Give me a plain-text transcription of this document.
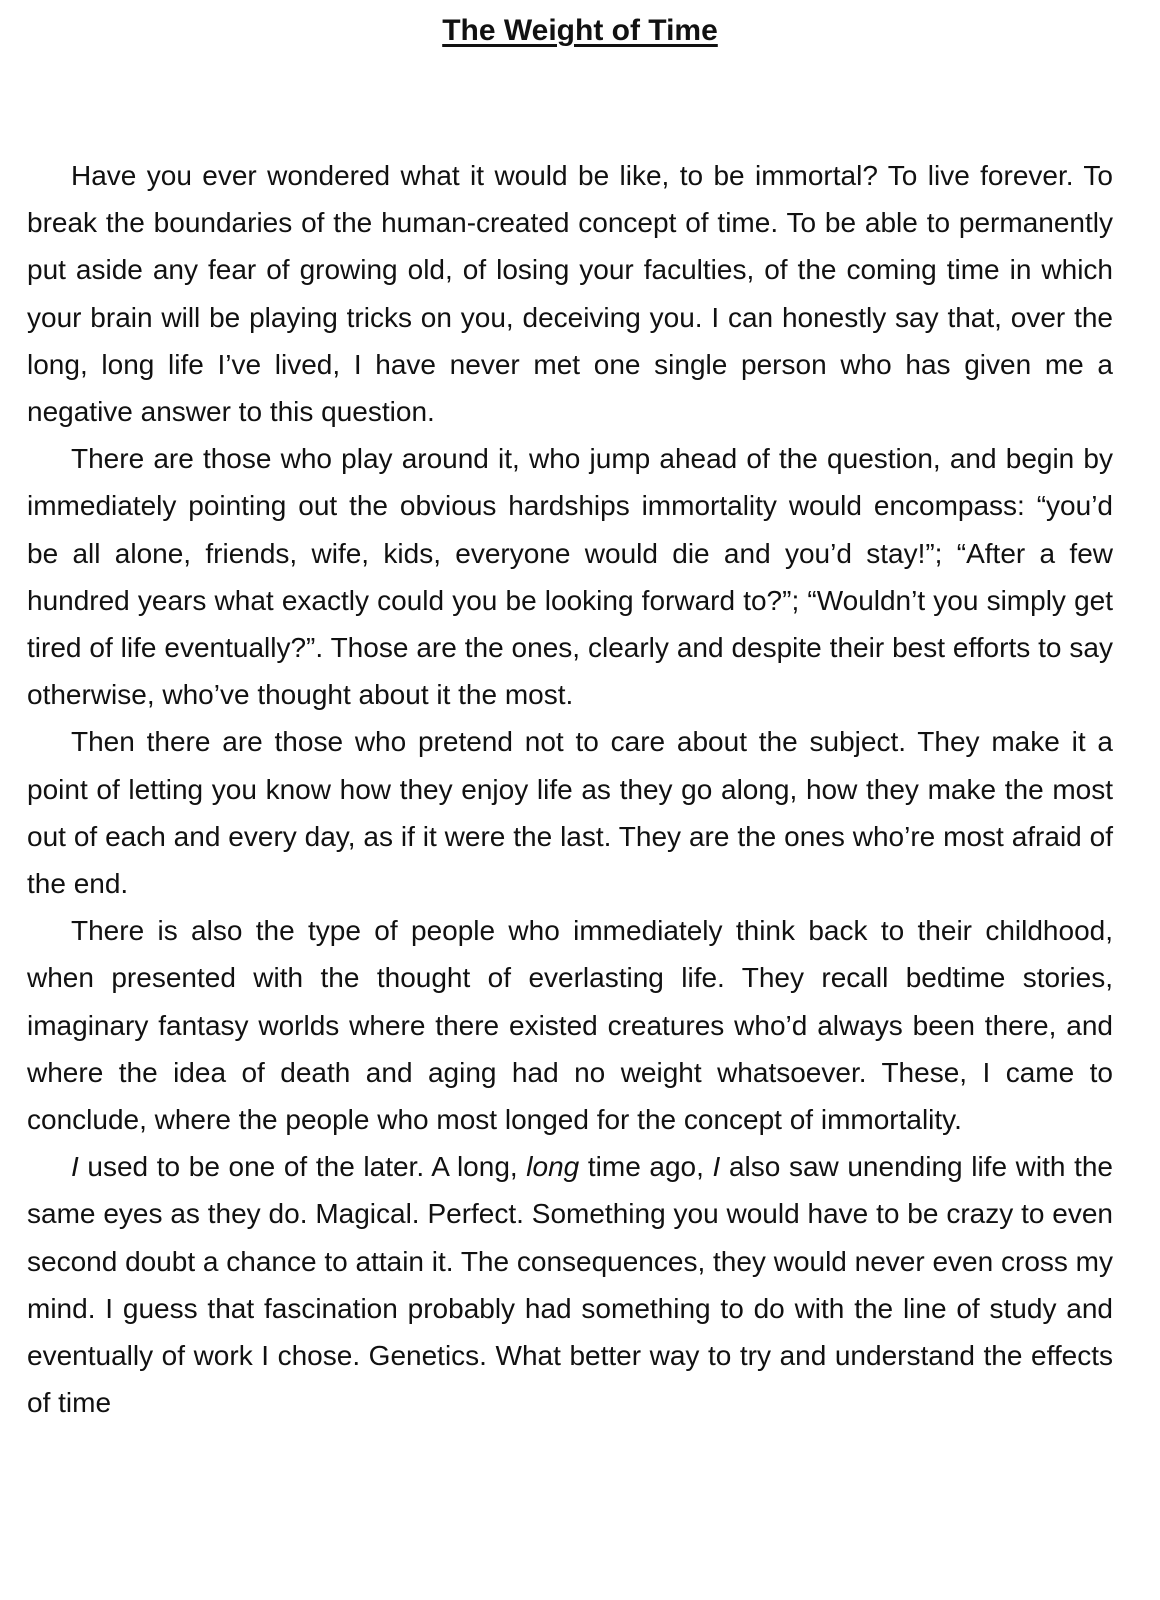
The Weight of Time

Have you ever wondered what it would be like, to be immortal? To live forever. To break the boundaries of the human-created concept of time. To be able to permanently put aside any fear of growing old, of losing your faculties, of the coming time in which your brain will be playing tricks on you, deceiving you. I can honestly say that, over the long, long life I’ve lived, I have never met one single person who has given me a negative answer to this question.

There are those who play around it, who jump ahead of the question, and begin by immediately pointing out the obvious hardships immortality would encompass: “you’d be all alone, friends, wife, kids, everyone would die and you’d stay!”; “After a few hundred years what exactly could you be looking forward to?”; “Wouldn’t you simply get tired of life eventually?”. Those are the ones, clearly and despite their best efforts to say otherwise, who’ve thought about it the most.

Then there are those who pretend not to care about the subject. They make it a point of letting you know how they enjoy life as they go along, how they make the most out of each and every day, as if it were the last. They are the ones who’re most afraid of the end.

There is also the type of people who immediately think back to their childhood, when presented with the thought of everlasting life. They recall bedtime stories, imaginary fantasy worlds where there existed creatures who’d always been there, and where the idea of death and aging had no weight whatsoever. These, I came to conclude, where the people who most longed for the concept of immortality.

I used to be one of the later. A long, long time ago, I also saw unending life with the same eyes as they do. Magical. Perfect. Something you would have to be crazy to even second doubt a chance to attain it. The consequences, they would never even cross my mind. I guess that fascination probably had something to do with the line of study and eventually of work I chose. Genetics. What better way to try and understand the effects of time
